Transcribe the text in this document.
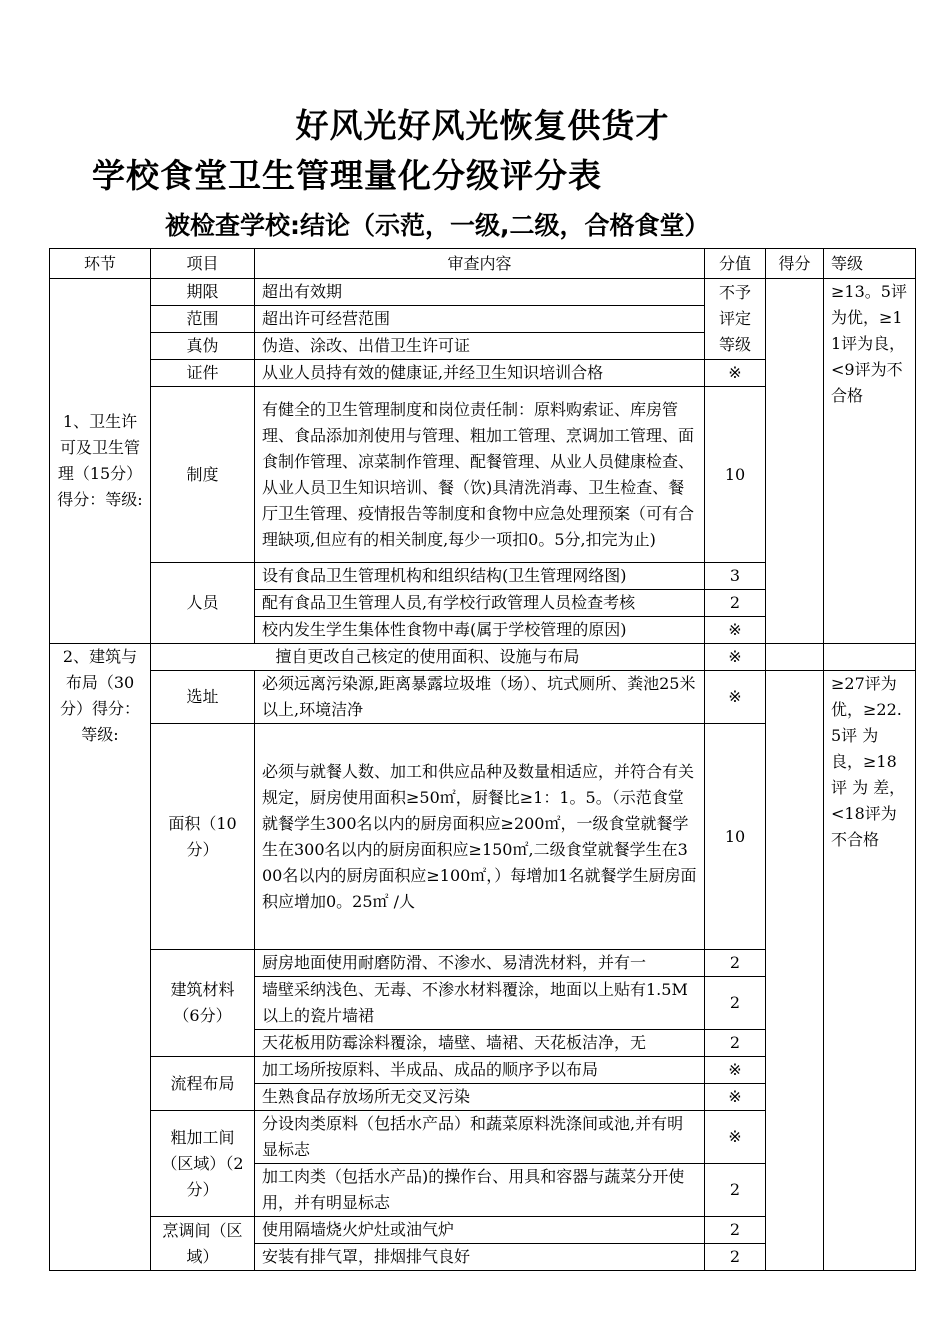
好风光好风光恢复供货才
学校食堂卫生管理量化分级评分表
被检查学校:结论（示范，一级,二级，合格食堂）
环节	项目	审查内容	分值	得分	等级
1、卫生许可及卫生管理（15分）得分：等级:	期限	超出有效期	不予评定等级		≥13。5评为优，≥11评为良，<9评为不合格
	范围	超出许可经营范围			
	真伪	伪造、涂改、出借卫生许可证			
	证件	从业人员持有效的健康证,并经卫生知识培训合格	※		
	制度	有健全的卫生管理制度和岗位责任制：原料购索证、库房管理、食品添加剂使用与管理、粗加工管理、烹调加工管理、面食制作管理、凉菜制作管理、配餐管理、从业人员健康检查、从业人员卫生知识培训、餐（饮)具清洗消毒、卫生检查、餐厅卫生管理、疫情报告等制度和食物中应急处理预案（可有合理缺项,但应有的相关制度,每少一项扣0。5分,扣完为止)	10		
	人员	设有食品卫生管理机构和组织结构(卫生管理网络图)	3		
		配有食品卫生管理人员,有学校行政管理人员检查考核	2		
		校内发生学生集体性食物中毒(属于学校管理的原因)	※		
2、建筑与布局（30分）得分：等级:	擅自更改自己核定的使用面积、设施与布局		※		
	选址	必须远离污染源,距离暴露垃圾堆（场）、坑式厕所、粪池25米以上,环境洁净	※		≥27评为优，≥22.5评 为 良，≥18评 为 差，<18评为不合格
	面积（10分）	必须与就餐人数、加工和供应品种及数量相适应，并符合有关规定，厨房使用面积≥50㎡，厨餐比≥1：1。5。（示范食堂就餐学生300名以内的厨房面积应≥200㎡，一级食堂就餐学生在300名以内的厨房面积应≥150㎡,二级食堂就餐学生在300名以内的厨房面积应≥100㎡，）每增加1名就餐学生厨房面积应增加0。25㎡ /人	10		
	建筑材料（6分）	厨房地面使用耐磨防滑、不渗水、易清洗材料，并有一	2		
		墙壁采纳浅色、无毒、不渗水材料覆涂，地面以上贴有1.5M以上的瓷片墙裙	2		
		天花板用防霉涂料覆涂，墙壁、墙裙、天花板洁净，无	2		
	流程布局	加工场所按原料、半成品、成品的顺序予以布局	※		
		生熟食品存放场所无交叉污染	※		
	粗加工间（区域）（2分）	分设肉类原料（包括水产品）和蔬菜原料洗涤间或池,并有明显标志	※		
		加工肉类（包括水产品)的操作台、用具和容器与蔬菜分开使用，并有明显标志	2		
	烹调间（区域）	使用隔墙烧火炉灶或油气炉	2		
		安装有排气罩，排烟排气良好	2		
